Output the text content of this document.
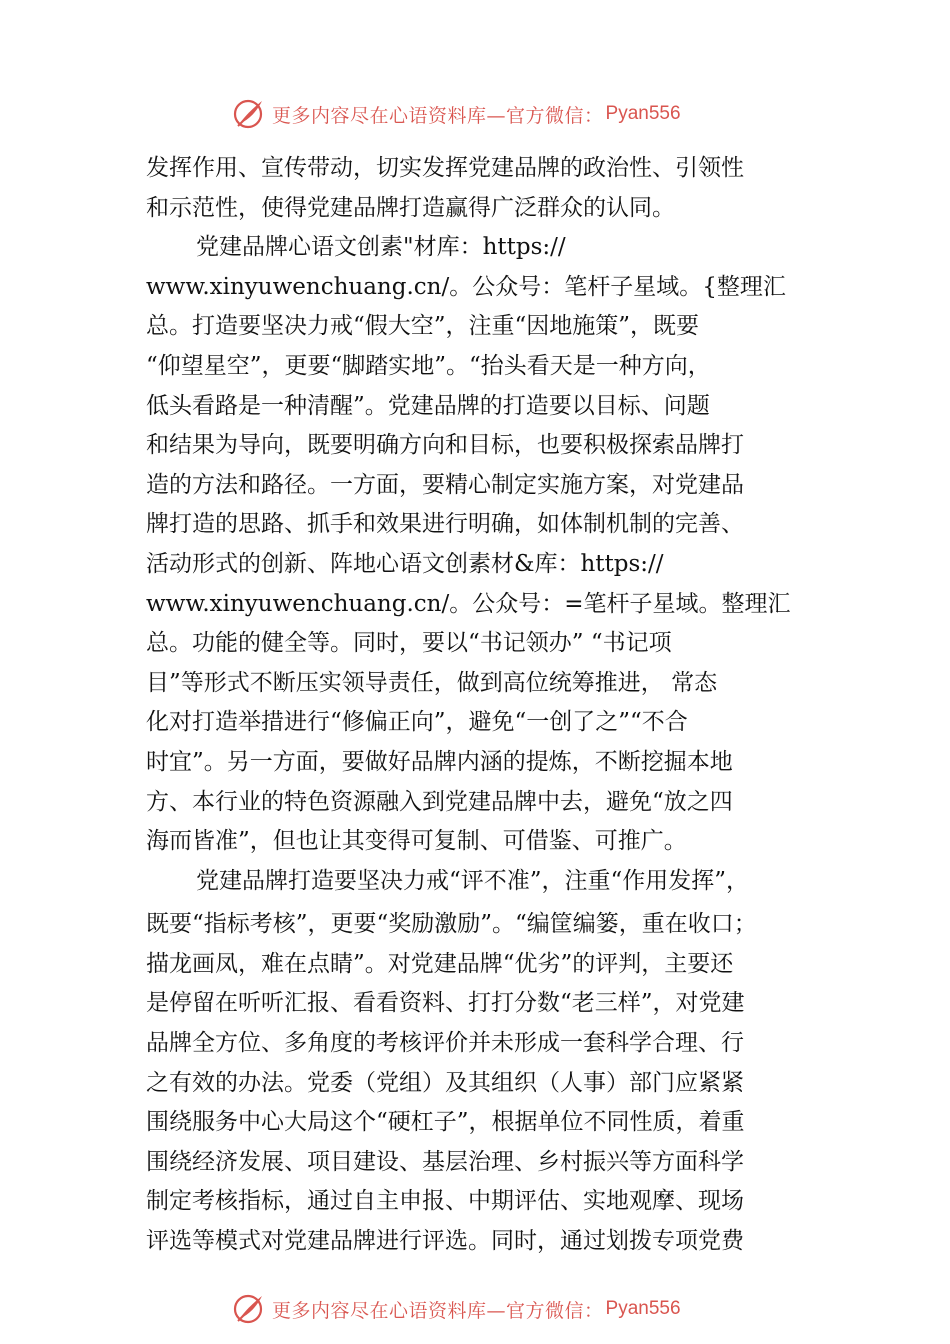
更多内容尽在心语资料库—官方微信： Pyan556
发挥作用、宣传带动，切实发挥党建品牌的政治性、引领性
和示范性，使得党建品牌打造赢得广泛群众的认同。
党建品牌心语文创素"材库：https://
www.xinyuwenchuang.cn/。公众号：笔杆子星域。{整理汇
总。打造要坚决力戒“假大空”，注重“因地施策”，既要
“仰望星空”，更要“脚踏实地”。“抬头看天是一种方向，
低头看路是一种清醒”。党建品牌的打造要以目标、问题
和结果为导向，既要明确方向和目标，也要积极探索品牌打
造的方法和路径。一方面，要精心制定实施方案，对党建品
牌打造的思路、抓手和效果进行明确，如体制机制的完善、
活动形式的创新、阵地心语文创素材&库：https://
www.xinyuwenchuang.cn/。公众号：=笔杆子星域。整理汇
总。功能的健全等。同时，要以“书记领办” “书记项
目”等形式不断压实领导责任，做到高位统筹推进， 常态
化对打造举措进行“修偏正向”，避免“一创了之”“不合
时宜”。另一方面，要做好品牌内涵的提炼，不断挖掘本地
方、本行业的特色资源融入到党建品牌中去，避免“放之四
海而皆准”，但也让其变得可复制、可借鉴、可推广。
党建品牌打造要坚决力戒“评不准”，注重“作用发挥”，
既要“指标考核”，更要“奖励激励”。“编筐编篓，重在收口；
描龙画凤，难在点睛”。对党建品牌“优劣”的评判，主要还
是停留在听听汇报、看看资料、打打分数“老三样”，对党建
品牌全方位、多角度的考核评价并未形成一套科学合理、行
之有效的办法。党委（党组）及其组织（人事）部门应紧紧
围绕服务中心大局这个“硬杠子”，根据单位不同性质，着重
围绕经济发展、项目建设、基层治理、乡村振兴等方面科学
制定考核指标，通过自主申报、中期评估、实地观摩、现场
评选等模式对党建品牌进行评选。同时，通过划拨专项党费
更多内容尽在心语资料库—官方微信： Pyan556
